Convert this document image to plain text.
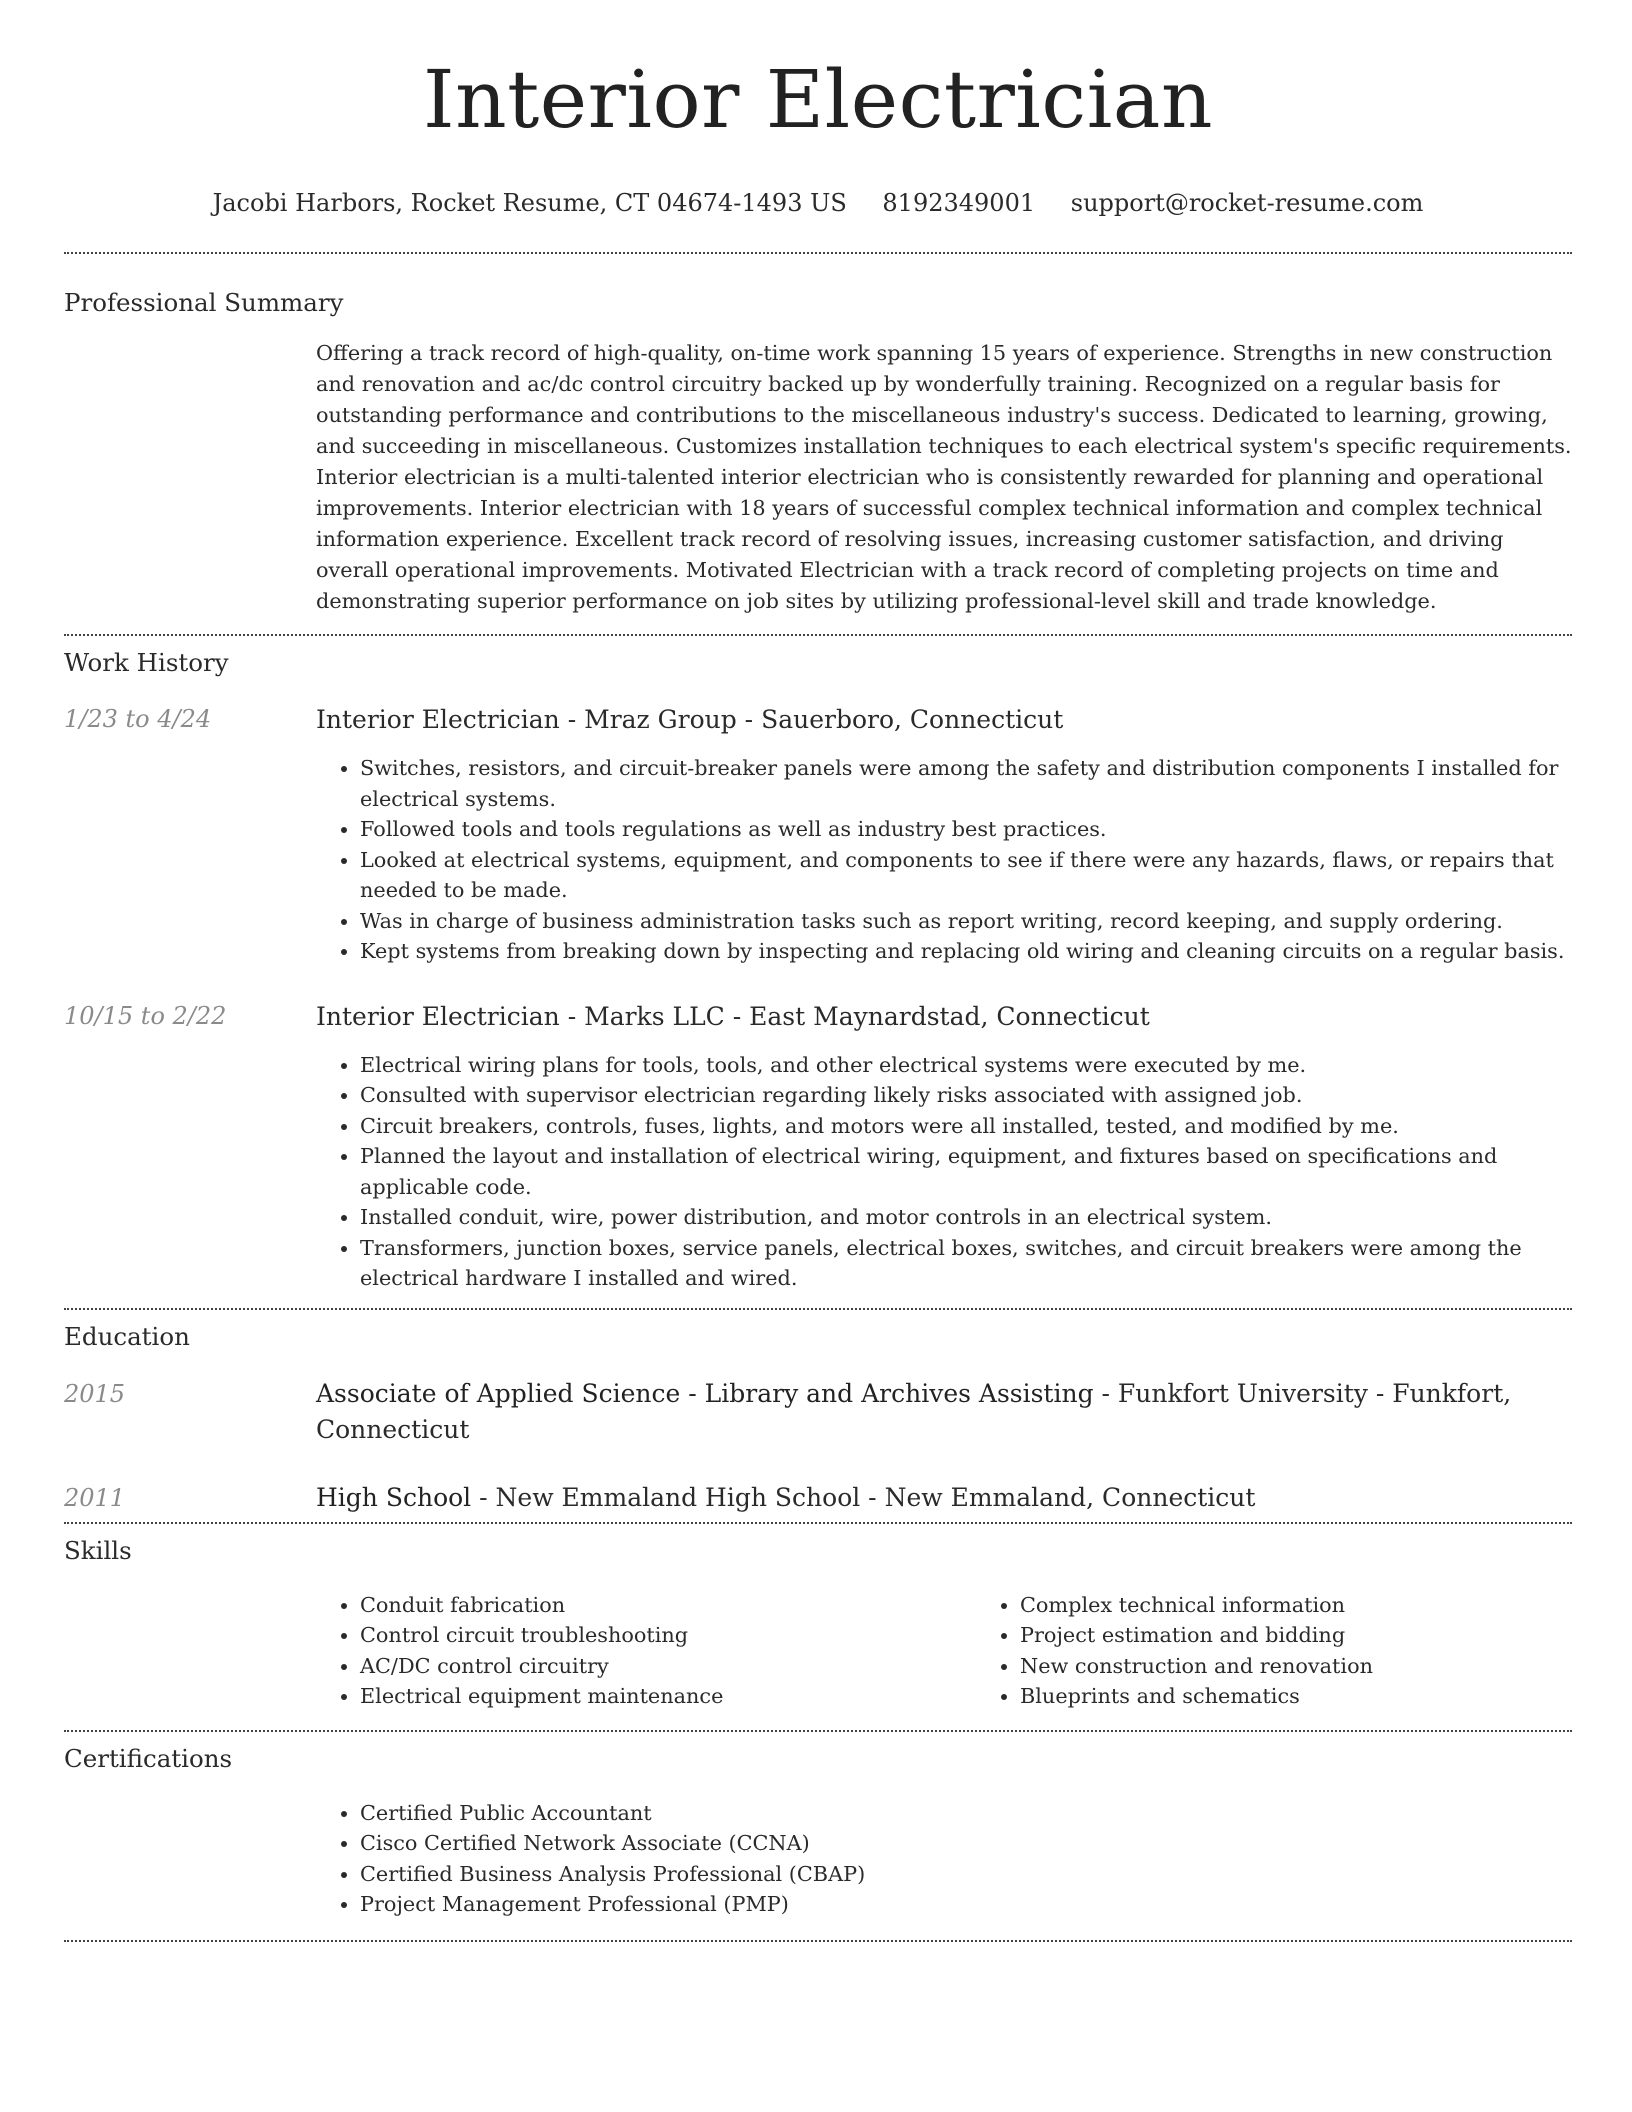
Interior Electrician
Jacobi Harbors, Rocket Resume, CT 04674-1493 US 8192349001 support@rocket-resume.com
Professional Summary

Offering a track record of high-quality, on-time work spanning 15 years of experience. Strengths in new construction and renovation and ac/dc control circuitry backed up by wonderfully training. Recognized on a regular basis for outstanding performance and contributions to the miscellaneous industry's success. Dedicated to learning, growing, and succeeding in miscellaneous. Customizes installation techniques to each electrical system's specific requirements. Interior electrician is a multi-talented interior electrician who is consistently rewarded for planning and operational improvements. Interior electrician with 18 years of successful complex technical information and complex technical information experience. Excellent track record of resolving issues, increasing customer satisfaction, and driving overall operational improvements. Motivated Electrician with a track record of completing projects on time and demonstrating superior performance on job sites by utilizing professional-level skill and trade knowledge.

Work History
1/23 to 4/24	Interior Electrician - Mraz Group - Sauerboro, Connecticut
• Switches, resistors, and circuit-breaker panels were among the safety and distribution components I installed for electrical systems.
• Followed tools and tools regulations as well as industry best practices.
• Looked at electrical systems, equipment, and components to see if there were any hazards, flaws, or repairs that needed to be made.
• Was in charge of business administration tasks such as report writing, record keeping, and supply ordering.
• Kept systems from breaking down by inspecting and replacing old wiring and cleaning circuits on a regular basis.
10/15 to 2/22	Interior Electrician - Marks LLC - East Maynardstad, Connecticut
• Electrical wiring plans for tools, tools, and other electrical systems were executed by me.
• Consulted with supervisor electrician regarding likely risks associated with assigned job.
• Circuit breakers, controls, fuses, lights, and motors were all installed, tested, and modified by me.
• Planned the layout and installation of electrical wiring, equipment, and fixtures based on specifications and applicable code.
• Installed conduit, wire, power distribution, and motor controls in an electrical system.
• Transformers, junction boxes, service panels, electrical boxes, switches, and circuit breakers were among the electrical hardware I installed and wired.
Education
2015	Associate of Applied Science - Library and Archives Assisting - Funkfort University - Funkfort, Connecticut
2011	High School - New Emmaland High School - New Emmaland, Connecticut
Skills
• Conduit fabrication
• Control circuit troubleshooting
• AC/DC control circuitry
• Electrical equipment maintenance
• Complex technical information
• Project estimation and bidding
• New construction and renovation
• Blueprints and schematics
Certifications
• Certified Public Accountant
• Cisco Certified Network Associate (CCNA)
• Certified Business Analysis Professional (CBAP)
• Project Management Professional (PMP)
